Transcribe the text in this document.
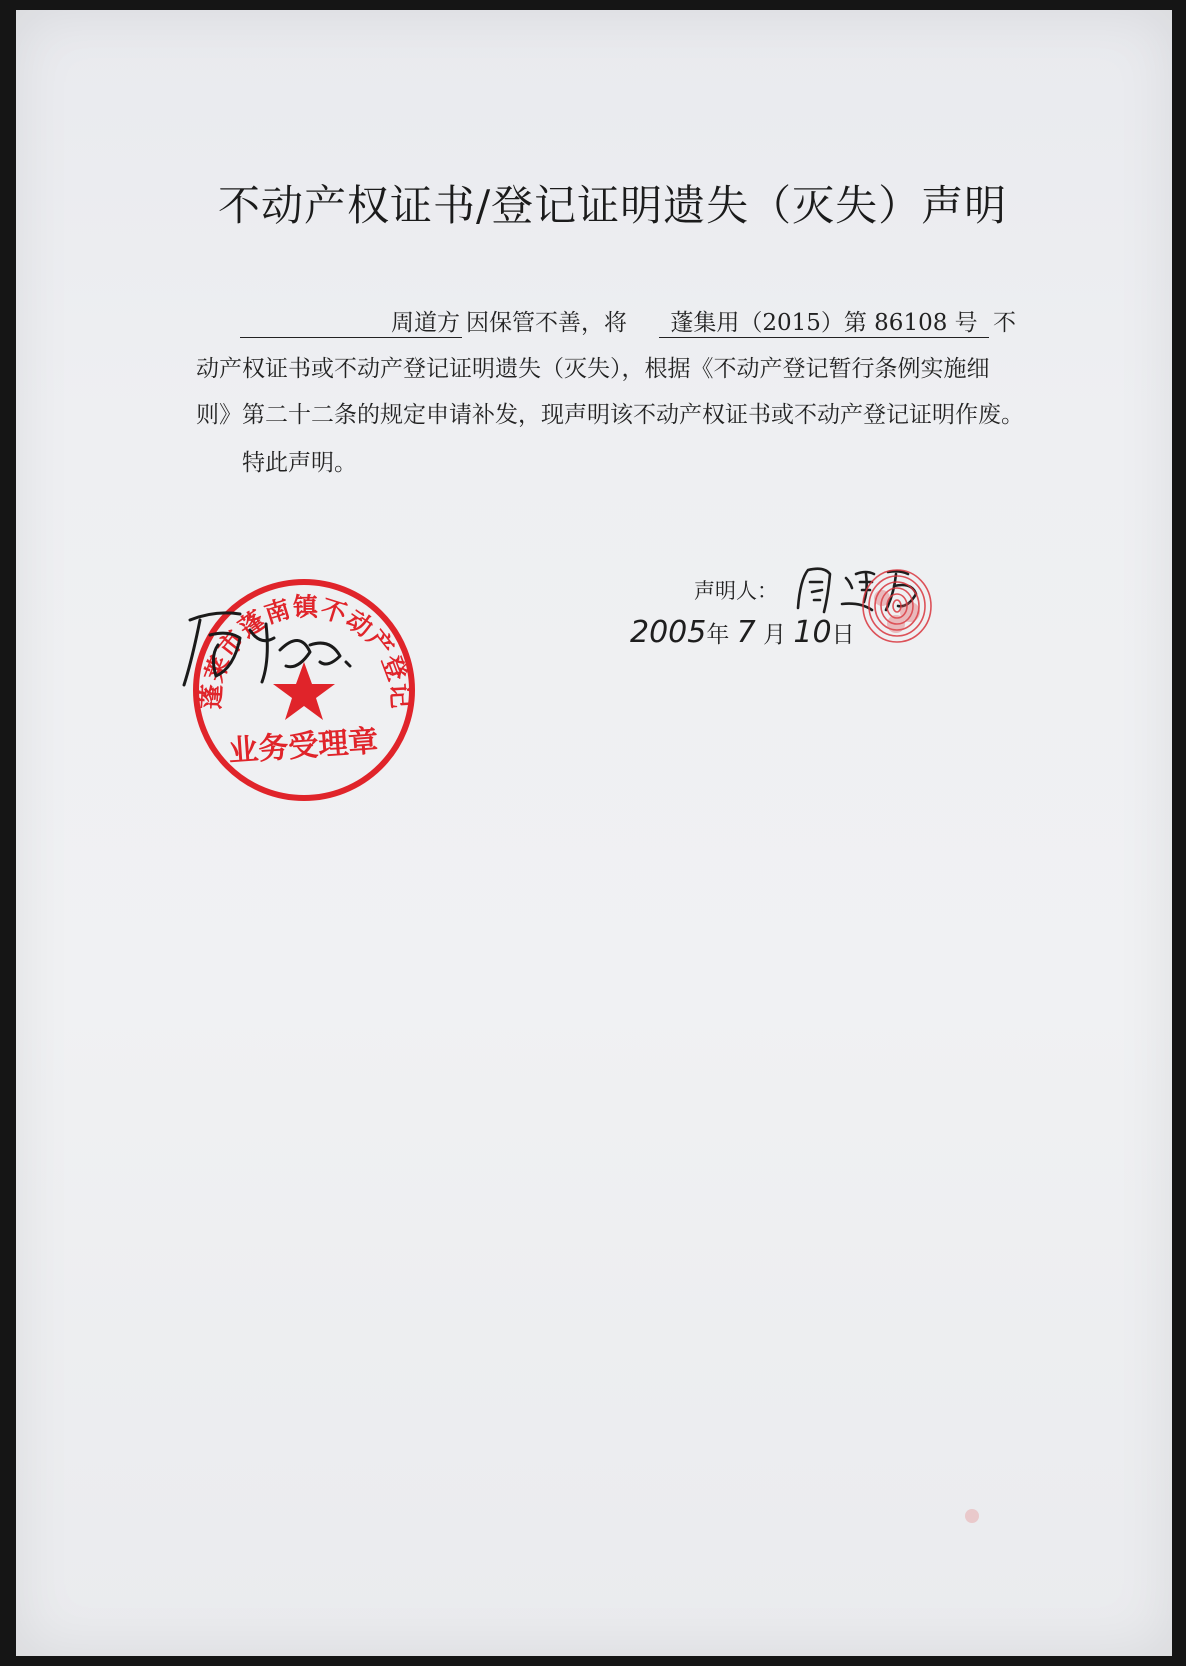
不动产权证书/登记证明遗失（灭失）声明
周道方 因保管不善，将 蓬集用（2015）第 86108 号 不
动产权证书或不动产登记证明遗失（灭失），根据《不动产登记暂行条例实施细
则》第二十二条的规定申请补发，现声明该不动产权证书或不动产登记证明作废。
特此声明。
声明人：
2005年 7 月 10日
蓬莱市蓬南镇不动产登记
业务受理章
